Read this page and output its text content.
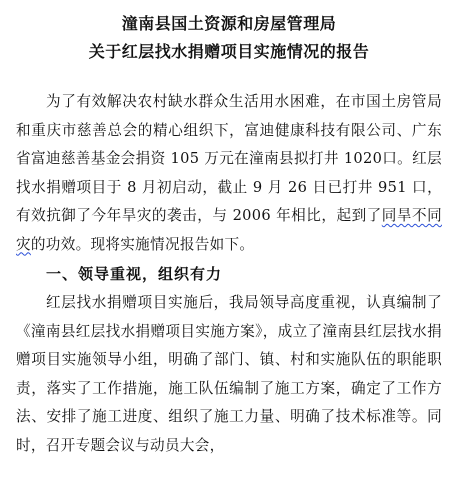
潼南县国土资源和房屋管理局

关于红层找水捐赠项目实施情况的报告

为了有效解决农村缺水群众生活用水困难，在市国土房管局和重庆市慈善总会的精心组织下，富迪健康科技有限公司、广东省富迪慈善基金会捐资 105 万元在潼南县拟打井 1020口。红层找水捐赠项目于 8 月初启动，截止 9 月 26 日已打井 951 口，有效抗御了今年旱灾的袭击，与 2006 年相比，起到了同旱不同灾的功效。现将实施情况报告如下。

一、领导重视，组织有力

红层找水捐赠项目实施后，我局领导高度重视，认真编制了《潼南县红层找水捐赠项目实施方案》，成立了潼南县红层找水捐赠项目实施领导小组，明确了部门、镇、村和实施队伍的职能职责，落实了工作措施，施工队伍编制了施工方案，确定了工作方法、安排了施工进度、组织了施工力量、明确了技术标准等。同时，召开专题会议与动员大会，
